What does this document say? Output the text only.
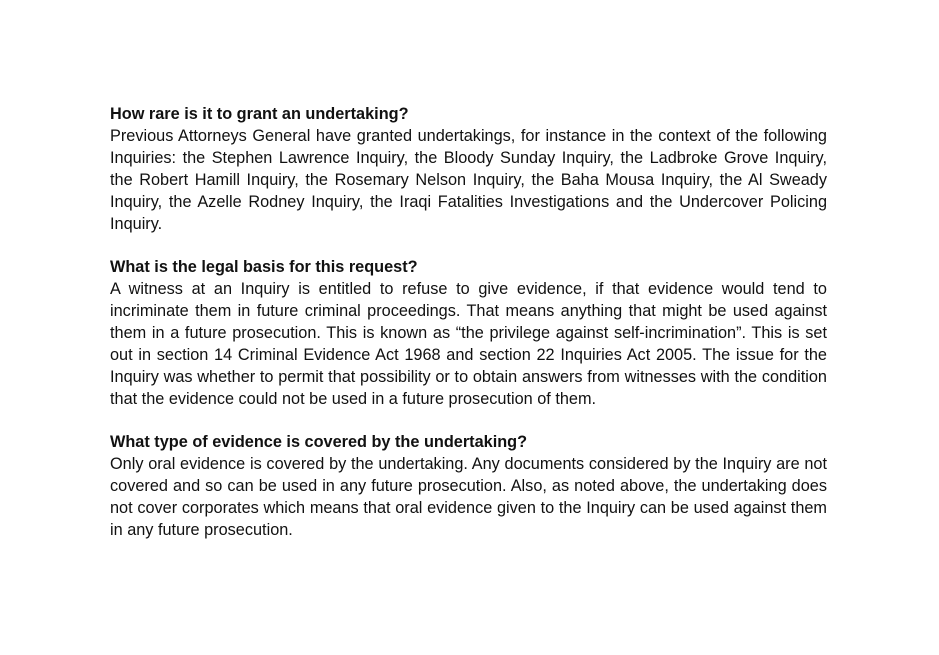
How rare is it to grant an undertaking?

Previous Attorneys General have granted undertakings, for instance in the context of the following Inquiries: the Stephen Lawrence Inquiry, the Bloody Sunday Inquiry, the Ladbroke Grove Inquiry, the Robert Hamill Inquiry, the Rosemary Nelson Inquiry, the Baha Mousa Inquiry, the Al Sweady Inquiry, the Azelle Rodney Inquiry, the Iraqi Fatalities Investigations and the Undercover Policing Inquiry.

What is the legal basis for this request?

A witness at an Inquiry is entitled to refuse to give evidence, if that evidence would tend to incriminate them in future criminal proceedings. That means anything that might be used against them in a future prosecution. This is known as “the privilege against self-incrimination”. This is set out in section 14 Criminal Evidence Act 1968 and section 22 Inquiries Act 2005. The issue for the Inquiry was whether to permit that possibility or to obtain answers from witnesses with the condition that the evidence could not be used in a future prosecution of them.

What type of evidence is covered by the undertaking?

Only oral evidence is covered by the undertaking. Any documents considered by the Inquiry are not covered and so can be used in any future prosecution. Also, as noted above, the undertaking does not cover corporates which means that oral evidence given to the Inquiry can be used against them in any future prosecution.
